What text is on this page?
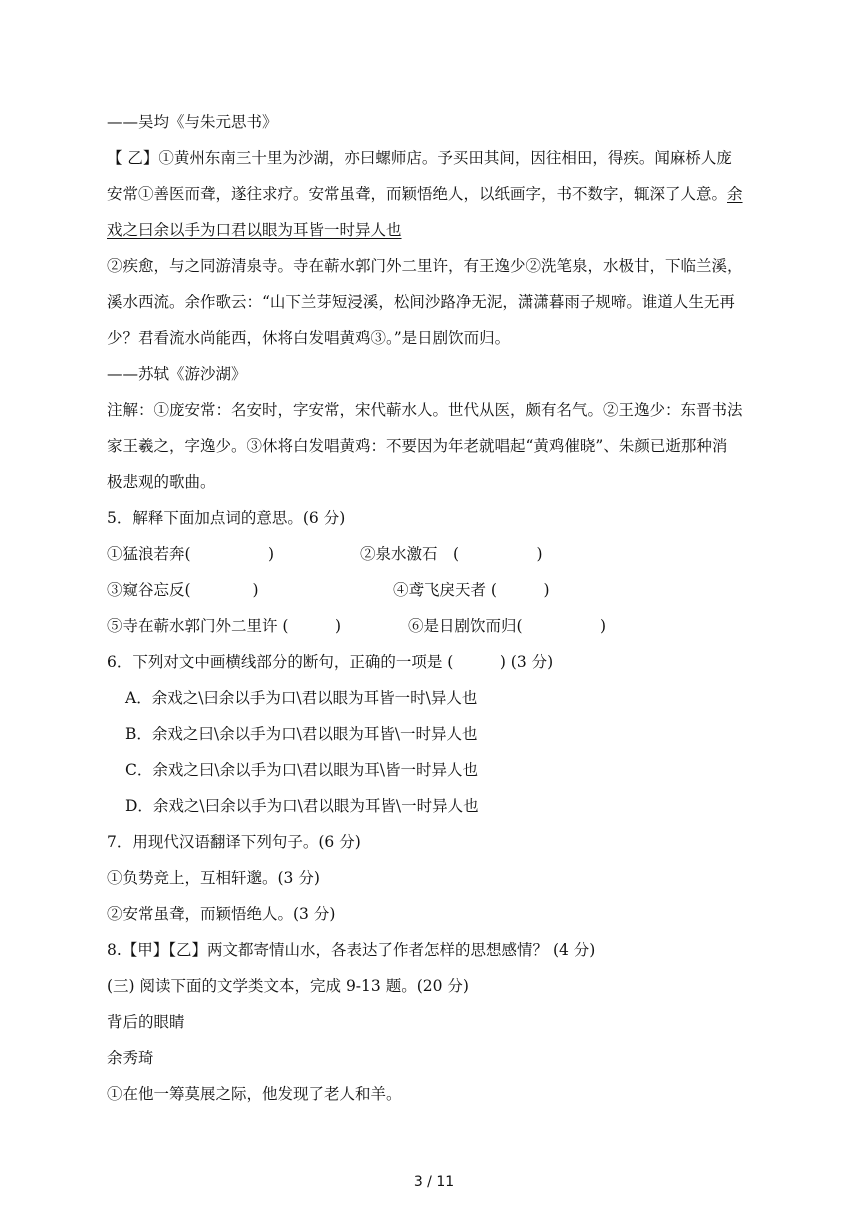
——吴均《与朱元思书》
【 乙】①黄州东南三十里为沙湖，亦曰螺师店。予买田其间，因往相田，得疾。闻麻桥人庞
安常①善医而聋，遂往求疗。安常虽聋，而颖悟绝人，以纸画字，书不数字，辄深了人意。余
戏之曰余以手为口君以眼为耳皆一时异人也
②疾愈，与之同游清泉寺。寺在蕲水郭门外二里许，有王逸少②洗笔泉，水极甘，下临兰溪，
溪水西流。余作歌云：“山下兰芽短浸溪，松间沙路净无泥，潇潇暮雨子规啼。谁道人生无再
少？君看流水尚能西，休将白发唱黄鸡③。”是日剧饮而归。
——苏轼《游沙湖》
注解：①庞安常：名安时，字安常，宋代蕲水人。世代从医，颇有名气。②王逸少：东晋书法
家王羲之，字逸少。③休将白发唱黄鸡：不要因为年老就唱起“黄鸡催晓”、朱颜已逝那种消
极悲观的歌曲。
5．解释下面加点词的意思。(6 分)
①猛浪若奔(　　　　　)	②泉水激石　(　　　　　)
③窥谷忘反(　　　　)	④鸢飞戾天者 (　　　)
⑤寺在蕲水郭门外二里许 (　　　)	⑥是日剧饮而归(　　　　　)
6．下列对文中画横线部分的断句，正确的一项是 (　　　) (3 分)
A．余戏之\曰余以手为口\君以眼为耳皆一时\异人也
B．余戏之曰\余以手为口\君以眼为耳皆\一时异人也
C．余戏之曰\余以手为口\君以眼为耳\皆一时异人也
D．余戏之\曰余以手为口\君以眼为耳皆\一时异人也
7．用现代汉语翻译下列句子。(6 分)
①负势竞上，互相轩邈。(3 分)
②安常虽聋，而颖悟绝人。(3 分)
8.【甲】【乙】两文都寄情山水，各表达了作者怎样的思想感情？ (4 分)
(三) 阅读下面的文学类文本，完成 9-13 题。(20 分)
背后的眼睛
余秀琦
①在他一筹莫展之际，他发现了老人和羊。
3 / 11
